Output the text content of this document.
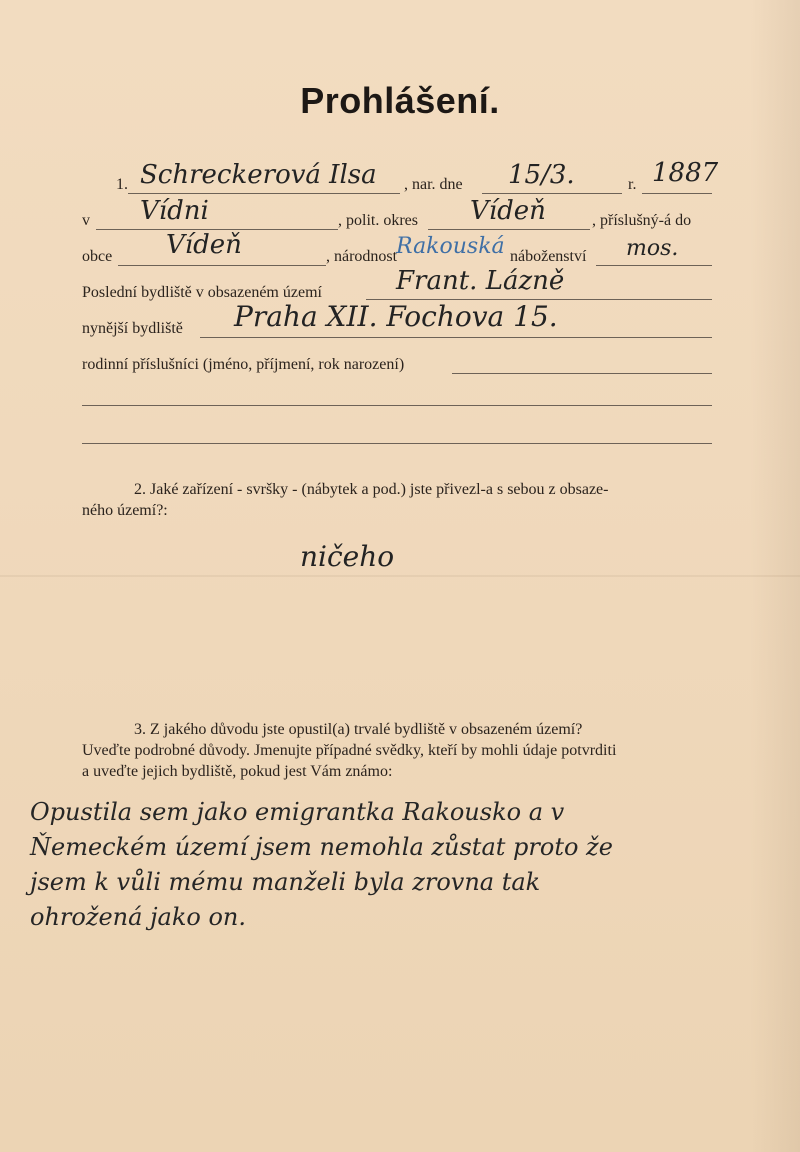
Prohlášení.
1. Schreckerová Ilsa , nar. dne 15/3.	r. 1887
v Vídni	, polit. okres Vídeň	, příslušný-á do
obce Vídeň	, národnost
Rakouská náboženství mos.
Poslední bydliště v obsazeném území	Frant. Lázně
nynější bydliště Praha XII. Fochova 15.
rodinní příslušníci (jméno, příjmení, rok narození)
2. Jaké zařízení - svršky - (nábytek a pod.) jste přivezl-a s sebou z obsaze-
ného území?:
ničeho
3. Z jakého důvodu jste opustil(a) trvalé bydliště v obsazeném území?
Uveďte podrobné důvody. Jmenujte případné svědky, kteří by mohli údaje potvrditi
a uveďte jejich bydliště, pokud jest Vám známo:
Opustila sem jako emigrantka Rakousko a v
Ňemeckém území jsem nemohla zůstat proto že
jsem k vůli mému manželi byla zrovna tak
ohrožená jako on.
